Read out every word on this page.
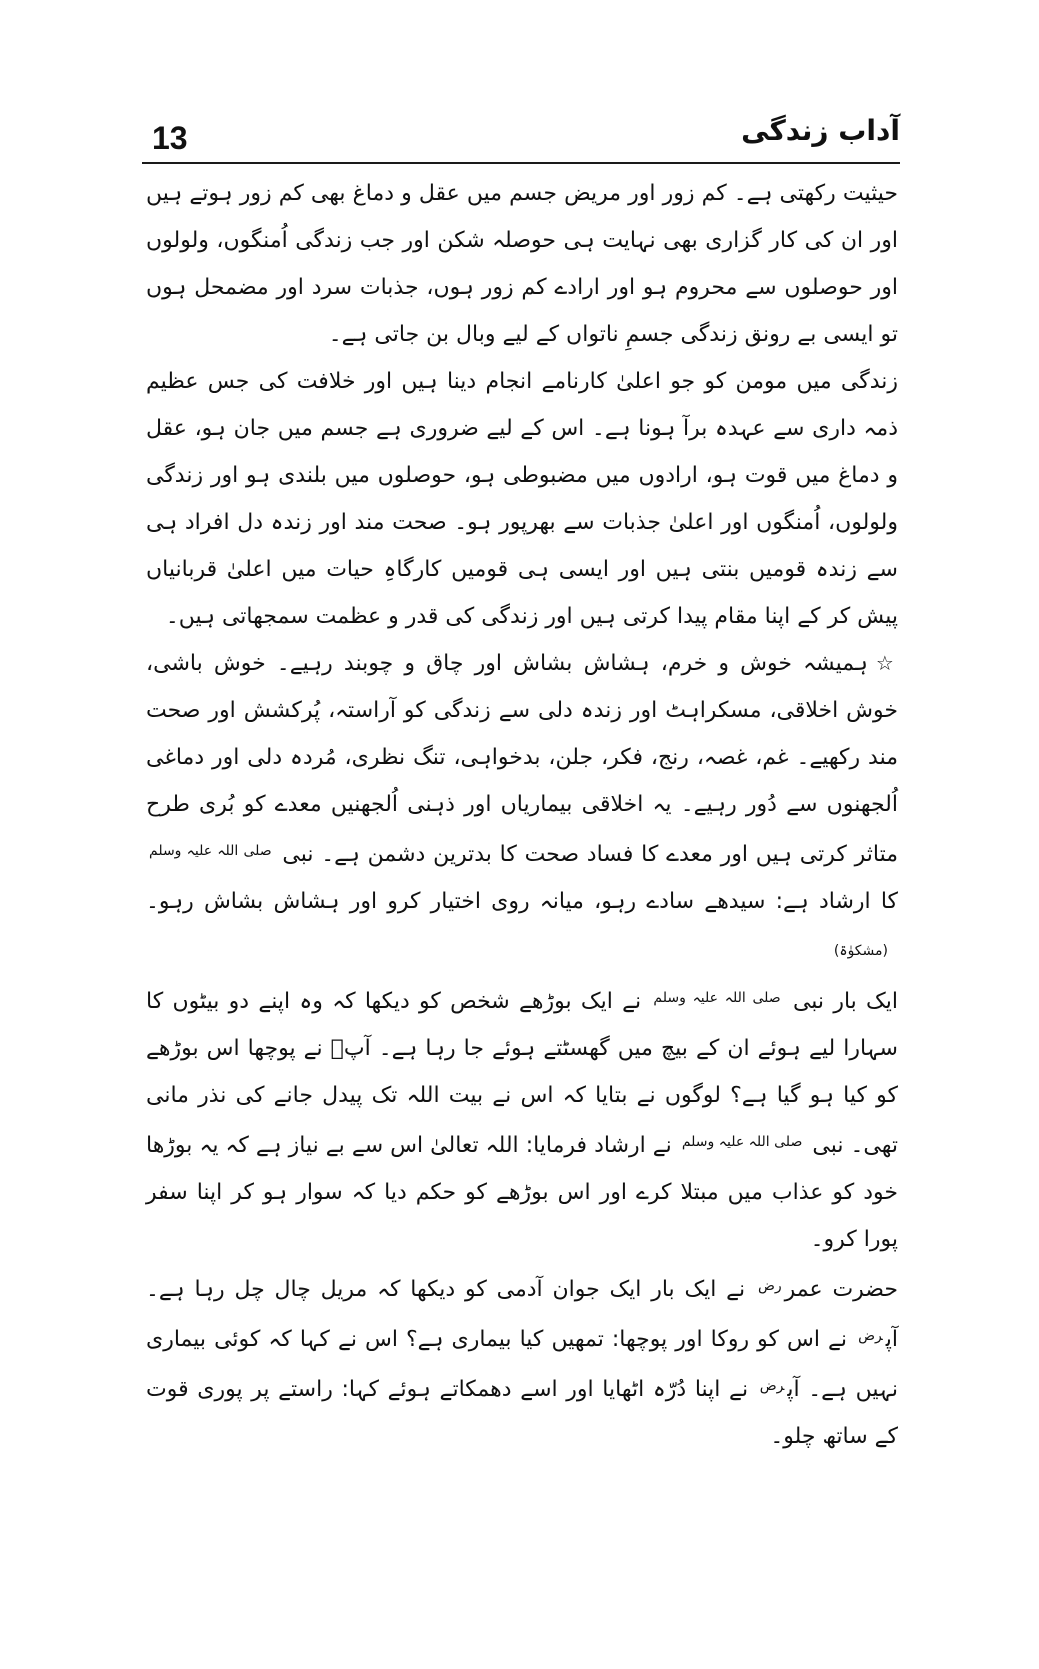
13	آداب زندگی

حیثیت رکھتی ہے۔ کم زور اور مریض جسم میں عقل و دماغ بھی کم زور ہوتے ہیں اور ان کی کار گزاری بھی نہایت ہی حوصلہ شکن اور جب زندگی اُمنگوں، ولولوں اور حوصلوں سے محروم ہو اور ارادے کم زور ہوں، جذبات سرد اور مضمحل ہوں تو ایسی بے رونق زندگی جسمِ ناتواں کے لیے وبال بن جاتی ہے۔

زندگی میں مومن کو جو اعلیٰ کارنامے انجام دینا ہیں اور خلافت کی جس عظیم ذمہ داری سے عہدہ برآ ہونا ہے۔ اس کے لیے ضروری ہے جسم میں جان ہو، عقل و دماغ میں قوت ہو، ارادوں میں مضبوطی ہو، حوصلوں میں بلندی ہو اور زندگی ولولوں، اُمنگوں اور اعلیٰ جذبات سے بھرپور ہو۔ صحت مند اور زندہ دل افراد ہی سے زندہ قومیں بنتی ہیں اور ایسی ہی قومیں کارگاہِ حیات میں اعلیٰ قربانیاں پیش کر کے اپنا مقام پیدا کرتی ہیں اور زندگی کی قدر و عظمت سمجھاتی ہیں۔

☆ہمیشہ خوش و خرم، ہشاش بشاش اور چاق و چوبند رہیے۔ خوش باشی، خوش اخلاقی، مسکراہٹ اور زندہ دلی سے زندگی کو آراستہ، پُرکشش اور صحت مند رکھیے۔ غم، غصہ، رنج، فکر، جلن، بدخواہی، تنگ نظری، مُردہ دلی اور دماغی اُلجھنوں سے دُور رہیے۔ یہ اخلاقی بیماریاں اور ذہنی اُلجھنیں معدے کو بُری طرح متاثر کرتی ہیں اور معدے کا فساد صحت کا بدترین دشمن ہے۔ نبی $^{صلی اللہ علیہ وسلم}$ کا ارشاد ہے: سیدھے سادے رہو، میانہ روی اختیار کرو اور ہشاش بشاش رہو۔(مشکوٰۃ)

ایک بار نبی $^{صلی اللہ علیہ وسلم}$ نے ایک بوڑھے شخص کو دیکھا کہ وہ اپنے دو بیٹوں کا سہارا لیے ہوئے ان کے بیچ میں گھسٹتے ہوئے جا رہا ہے۔ آپؐ نے پوچھا اس بوڑھے کو کیا ہو گیا ہے؟ لوگوں نے بتایا کہ اس نے بیت اللہ تک پیدل جانے کی نذر مانی تھی۔ نبی $^{صلی اللہ علیہ وسلم}$ نے ارشاد فرمایا: اللہ تعالیٰ اس سے بے نیاز ہے کہ یہ بوڑھا خود کو عذاب میں مبتلا کرے اور اس بوڑھے کو حکم دیا کہ سوار ہو کر اپنا سفر پورا کرو۔

حضرت عمر$^{رض}$ نے ایک بار ایک جوان آدمی کو دیکھا کہ مریل چال چل رہا ہے۔ آپ$^{رض}$ نے اس کو روکا اور پوچھا: تمھیں کیا بیماری ہے؟ اس نے کہا کہ کوئی بیماری نہیں ہے۔ آپ$^{رض}$ نے اپنا دُرّہ اٹھایا اور اسے دھمکاتے ہوئے کہا: راستے پر پوری قوت کے ساتھ چلو۔
